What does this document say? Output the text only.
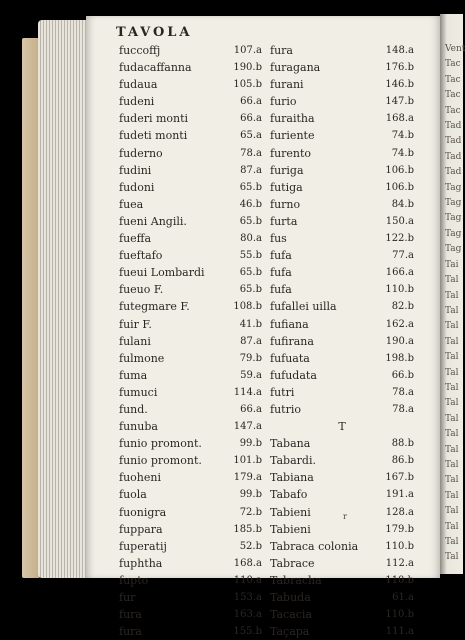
Vent
Tac
Tac
Tac
Tac
Tad
Tad
Tad
Tad
Tag
Tag
Tag
Tag
Tag
Tai
Tal
Tal
Tal
Tal
Tal
Tal
Tal
Tal
Tal
Tal
Tal
Tal
Tal
Tal
Tal
Tal
Tal
Tal
Tal
TAVOLA
fuccoffj	107.a
fudacaffanna	190.b
fudaua	105.b
fudeni	66.a
fuderi monti	66.a
fudeti monti	65.a
fuderno	78.a
fudini	87.a
fudoni	65.b
fuea	46.b
fueni Angili.	65.b
fueffa	80.a
fueftafo	55.b
fueui Lombardi	65.b
fueuo F.	65.b
futegmare F.	108.b
fuir F.	41.b
fulani	87.a
fulmone	79.b
fuma	59.a
fumuci	114.a
fund.	66.a
funuba	147.a
funio promont.	99.b
funio promont.	101.b
fuoheni	179.a
fuola	99.b
fuonigra	72.b
fuppara	185.b
fuperatij	52.b
fuphtha	168.a
fupto	110.a
fur	153.a
fura	163.a
fura	155.b
fura	148.a
furagana	176.b
furani	146.b
furio	147.b
furaitha	168.a
furiente	74.b
furento	74.b
furiga	106.b
futiga	106.b
furno	84.b
furta	150.a
fus	122.b
fufa	77.a
fufa	166.a
fufa	110.b
fufallei uilla	82.b
fufiana	162.a
fufirana	190.a
fufuata	198.b
fufudata	66.b
futri	78.a
futrio	78.a
T
Tabana	88.b
Tabardi.	86.b
Tabiana	167.b
Tabafo	191.a
Tabieni	128.a
Tabieni	179.b
Tabraca colonia	110.b
Tabrace	112.a
Tabracha	110.b
Tabuda	61.a
Tacacia	110.b
Taçapa	111.a
r
